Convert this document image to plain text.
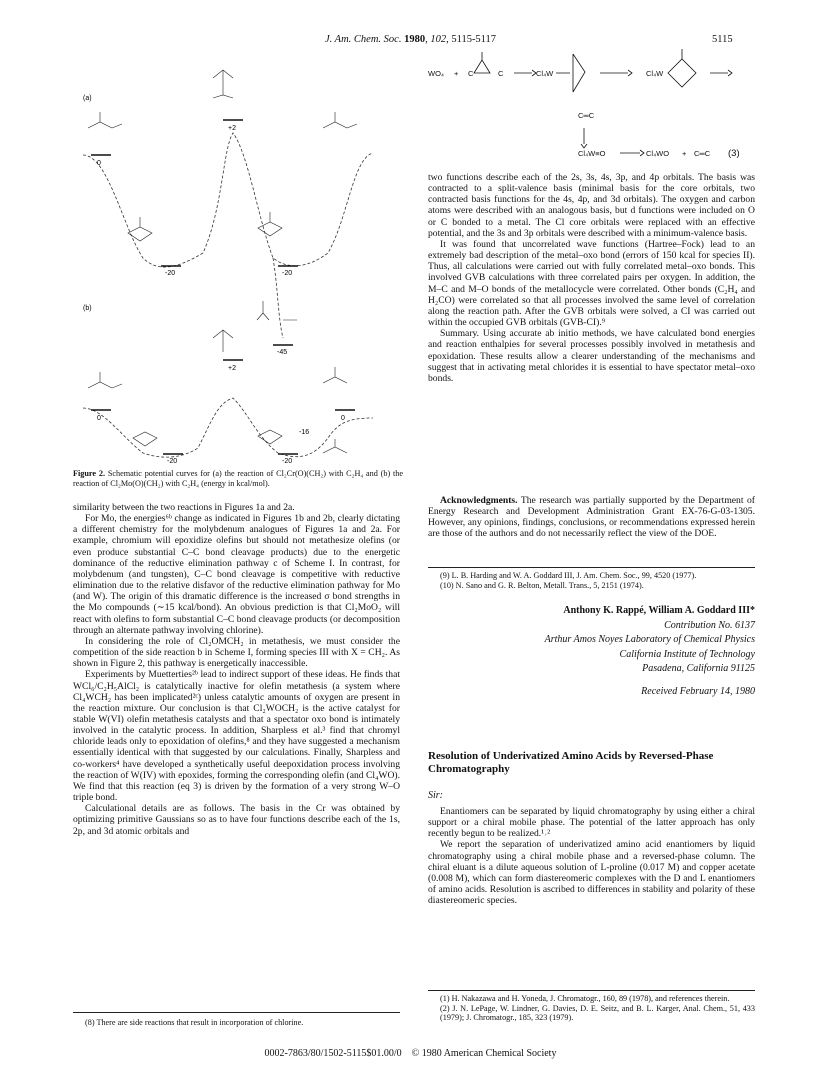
J. Am. Chem. Soc. 1980, 102, 5115-5117	5115
(a)
(b)
0
+2
-20	-20
-45
0
+2
0
-20	-20
-16
Figure 2. Schematic potential curves for (a) the reaction of Cl₂Cr(O)(CH₂) with C₂H₄ and (b) the reaction of Cl₂Mo(O)(CH₂) with C₂H₄ (energy in kcal/mol).
WO₄ + C	C	Cl₄W	Cl₄W
C═C
Cl₄W≡O	Cl₄WO + C═C (3)

similarity between the two reactions in Figures 1a and 2a.

For Mo, the energies⁶ᵇ change as indicated in Figures 1b and 2b, clearly dictating a different chemistry for the molybdenum analogues of Figures 1a and 2a. For example, chromium will epoxidize olefins but should not metathesize olefins (or even produce substantial C–C bond cleavage products) due to the energetic dominance of the reductive elimination pathway c of Scheme I. In contrast, for molybdenum (and tungsten), C–C bond cleavage is competitive with reductive elimination due to the relative disfavor of the reductive elimination pathway for Mo (and W). The origin of this dramatic difference is the increased σ bond strengths in the Mo compounds (∼15 kcal/bond). An obvious prediction is that Cl₂MoO₂ will react with olefins to form substantial C–C bond cleavage products (or decomposition through an alternate pathway involving chlorine).

In considering the role of Cl₂OMCH₂ in metathesis, we must consider the competition of the side reaction b in Scheme I, forming species III with X = CH₂. As shown in Figure 2, this pathway is energetically inaccessible.

Experiments by Muetterties²ᵇ lead to indirect support of these ideas. He finds that WCl₆/C₂H₅AlCl₂ is catalytically inactive for olefin metathesis (a system where Cl₄WCH₂ has been implicated²ᶜ) unless catalytic amounts of oxygen are present in the reaction mixture. Our conclusion is that Cl₂WOCH₂ is the active catalyst for stable W(VI) olefin metathesis catalysts and that a spectator oxo bond is intimately involved in the catalytic process. In addition, Sharpless et al.³ find that chromyl chloride leads only to epoxidation of olefins,⁸ and they have suggested a mechanism essentially identical with that suggested by our calculations. Finally, Sharpless and co-workers⁴ have developed a synthetically useful deepoxidation process involving the reaction of W(IV) with epoxides, forming the corresponding olefin (and Cl₄WO). We find that this reaction (eq 3) is driven by the formation of a very strong W–O triple bond.

Calculational details are as follows. The basis in the Cr was obtained by optimizing primitive Gaussians so as to have four functions describe each of the 1s, 2p, and 3d atomic orbitals and

(8) There are side reactions that result in incorporation of chlorine.

two functions describe each of the 2s, 3s, 4s, 3p, and 4p orbitals. The basis was contracted to a split-valence basis (minimal basis for the core orbitals, two contracted basis functions for the 4s, 4p, and 3d orbitals). The oxygen and carbon atoms were described with an analogous basis, but d functions were included on O or C bonded to a metal. The Cl core orbitals were replaced with an effective potential, and the 3s and 3p orbitals were described with a minimum-valence basis.

It was found that uncorrelated wave functions (Hartree–Fock) lead to an extremely bad description of the metal–oxo bond (errors of 150 kcal for species II). Thus, all calculations were carried out with fully correlated metal–oxo bonds. This involved GVB calculations with three correlated pairs per oxygen. In addition, the M–C and M–O bonds of the metallocycle were correlated. Other bonds (C₂H₄ and H₂CO) were correlated so that all processes involved the same level of correlation along the reaction path. After the GVB orbitals were solved, a CI was carried out within the occupied GVB orbitals (GVB-CI).⁹

Summary. Using accurate ab initio methods, we have calculated bond energies and reaction enthalpies for several processes possibly involved in metathesis and epoxidation. These results allow a clearer understanding of the mechanisms and suggest that in activating metal chlorides it is essential to have spectator metal–oxo bonds.

Acknowledgments. The research was partially supported by the Department of Energy Research and Development Administration Grant EX-76-G-03-1305. However, any opinions, findings, conclusions, or recommendations expressed herein are those of the authors and do not necessarily reflect the view of the DOE.

(9) L. B. Harding and W. A. Goddard III, J. Am. Chem. Soc., 99, 4520 (1977).
(10) N. Sano and G. R. Belton, Metall. Trans., 5, 2151 (1974).
Anthony K. Rappé, William A. Goddard III*
Contribution No. 6137
Arthur Amos Noyes Laboratory of Chemical Physics
California Institute of Technology
Pasadena, California 91125
Received February 14, 1980
Resolution of Underivatized Amino Acids by Reversed-Phase Chromatography
Sir:

Enantiomers can be separated by liquid chromatography by using either a chiral support or a chiral mobile phase. The potential of the latter approach has only recently begun to be realized.¹˒²

We report the separation of underivatized amino acid enantiomers by liquid chromatography using a chiral mobile phase and a reversed-phase column. The chiral eluant is a dilute aqueous solution of L-proline (0.017 M) and copper acetate (0.008 M), which can form diastereomeric complexes with the D and L enantiomers of amino acids. Resolution is ascribed to differences in stability and polarity of these diastereomeric species.

(1) H. Nakazawa and H. Yoneda, J. Chromatogr., 160, 89 (1978), and references therein.
(2) J. N. LePage, W. Lindner, G. Davies, D. E. Seitz, and B. L. Karger, Anal. Chem., 51, 433 (1979); J. Chromatogr., 185, 323 (1979).
0002-7863/80/1502-5115$01.00/0 © 1980 American Chemical Society
